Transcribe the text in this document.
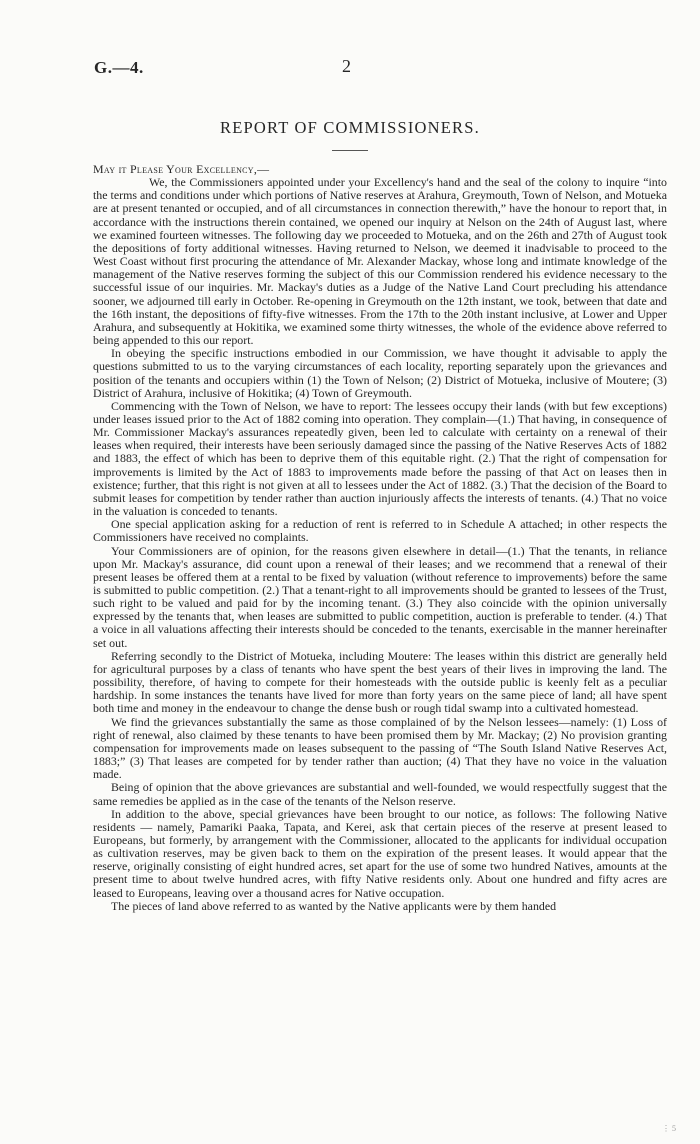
G.—4.	2
REPORT OF COMMISSIONERS.

May it Please Your Excellency,—

We, the Commissioners appointed under your Excellency's hand and the seal of the colony to inquire “into the terms and conditions under which portions of Native reserves at Arahura, Greymouth, Town of Nelson, and Motueka are at present tenanted or occupied, and of all circumstances in connection therewith,” have the honour to report that, in accordance with the instructions therein contained, we opened our inquiry at Nelson on the 24th of August last, where we examined fourteen witnesses. The following day we proceeded to Motueka, and on the 26th and 27th of August took the depositions of forty additional witnesses. Having returned to Nelson, we deemed it inadvisable to proceed to the West Coast without first procuring the attendance of Mr. Alexander Mackay, whose long and intimate knowledge of the management of the Native reserves forming the subject of this our Commission rendered his evidence necessary to the successful issue of our inquiries. Mr. Mackay's duties as a Judge of the Native Land Court precluding his attendance sooner, we adjourned till early in October. Re-opening in Greymouth on the 12th instant, we took, between that date and the 16th instant, the depositions of fifty-five witnesses. From the 17th to the 20th instant inclusive, at Lower and Upper Arahura, and subsequently at Hokitika, we examined some thirty witnesses, the whole of the evidence above referred to being appended to this our report.

In obeying the specific instructions embodied in our Commission, we have thought it advisable to apply the questions submitted to us to the varying circumstances of each locality, reporting separately upon the grievances and position of the tenants and occupiers within (1) the Town of Nelson; (2) District of Motueka, inclusive of Moutere; (3) District of Arahura, inclusive of Hokitika; (4) Town of Greymouth.

Commencing with the Town of Nelson, we have to report: The lessees occupy their lands (with but few exceptions) under leases issued prior to the Act of 1882 coming into operation. They complain—(1.) That having, in consequence of Mr. Commissioner Mackay's assurances repeatedly given, been led to calculate with certainty on a renewal of their leases when required, their interests have been seriously damaged since the passing of the Native Reserves Acts of 1882 and 1883, the effect of which has been to deprive them of this equitable right. (2.) That the right of compensation for improvements is limited by the Act of 1883 to improvements made before the passing of that Act on leases then in existence; further, that this right is not given at all to lessees under the Act of 1882. (3.) That the decision of the Board to submit leases for competition by tender rather than auction injuriously affects the interests of tenants. (4.) That no voice in the valuation is conceded to tenants.

One special application asking for a reduction of rent is referred to in Schedule A attached; in other respects the Commissioners have received no complaints.

Your Commissioners are of opinion, for the reasons given elsewhere in detail—(1.) That the tenants, in reliance upon Mr. Mackay's assurance, did count upon a renewal of their leases; and we recommend that a renewal of their present leases be offered them at a rental to be fixed by valuation (without reference to improvements) before the same is submitted to public competition. (2.) That a tenant-right to all improvements should be granted to lessees of the Trust, such right to be valued and paid for by the incoming tenant. (3.) They also coincide with the opinion universally expressed by the tenants that, when leases are submitted to public competition, auction is preferable to tender. (4.) That a voice in all valuations affecting their interests should be conceded to the tenants, exercisable in the manner hereinafter set out.

Referring secondly to the District of Motueka, including Moutere: The leases within this district are generally held for agricultural purposes by a class of tenants who have spent the best years of their lives in improving the land. The possibility, therefore, of having to compete for their homesteads with the outside public is keenly felt as a peculiar hardship. In some instances the tenants have lived for more than forty years on the same piece of land; all have spent both time and money in the endeavour to change the dense bush or rough tidal swamp into a cultivated homestead.

We find the grievances substantially the same as those complained of by the Nelson lessees—namely: (1) Loss of right of renewal, also claimed by these tenants to have been promised them by Mr. Mackay; (2) No provision granting compensation for improvements made on leases subsequent to the passing of “The South Island Native Reserves Act, 1883;” (3) That leases are competed for by tender rather than auction; (4) That they have no voice in the valuation made.

Being of opinion that the above grievances are substantial and well-founded, we would respectfully suggest that the same remedies be applied as in the case of the tenants of the Nelson reserve.

In addition to the above, special grievances have been brought to our notice, as follows: The following Native residents — namely, Pamariki Paaka, Tapata, and Kerei, ask that certain pieces of the reserve at present leased to Europeans, but formerly, by arrangement with the Commissioner, allocated to the applicants for individual occupation as cultivation reserves, may be given back to them on the expiration of the present leases. It would appear that the reserve, originally consisting of eight hundred acres, set apart for the use of some two hundred Natives, amounts at the present time to about twelve hundred acres, with fifty Native residents only. About one hundred and fifty acres are leased to Europeans, leaving over a thousand acres for Native occupation.

The pieces of land above referred to as wanted by the Native applicants were by them handed

⋮ 5
